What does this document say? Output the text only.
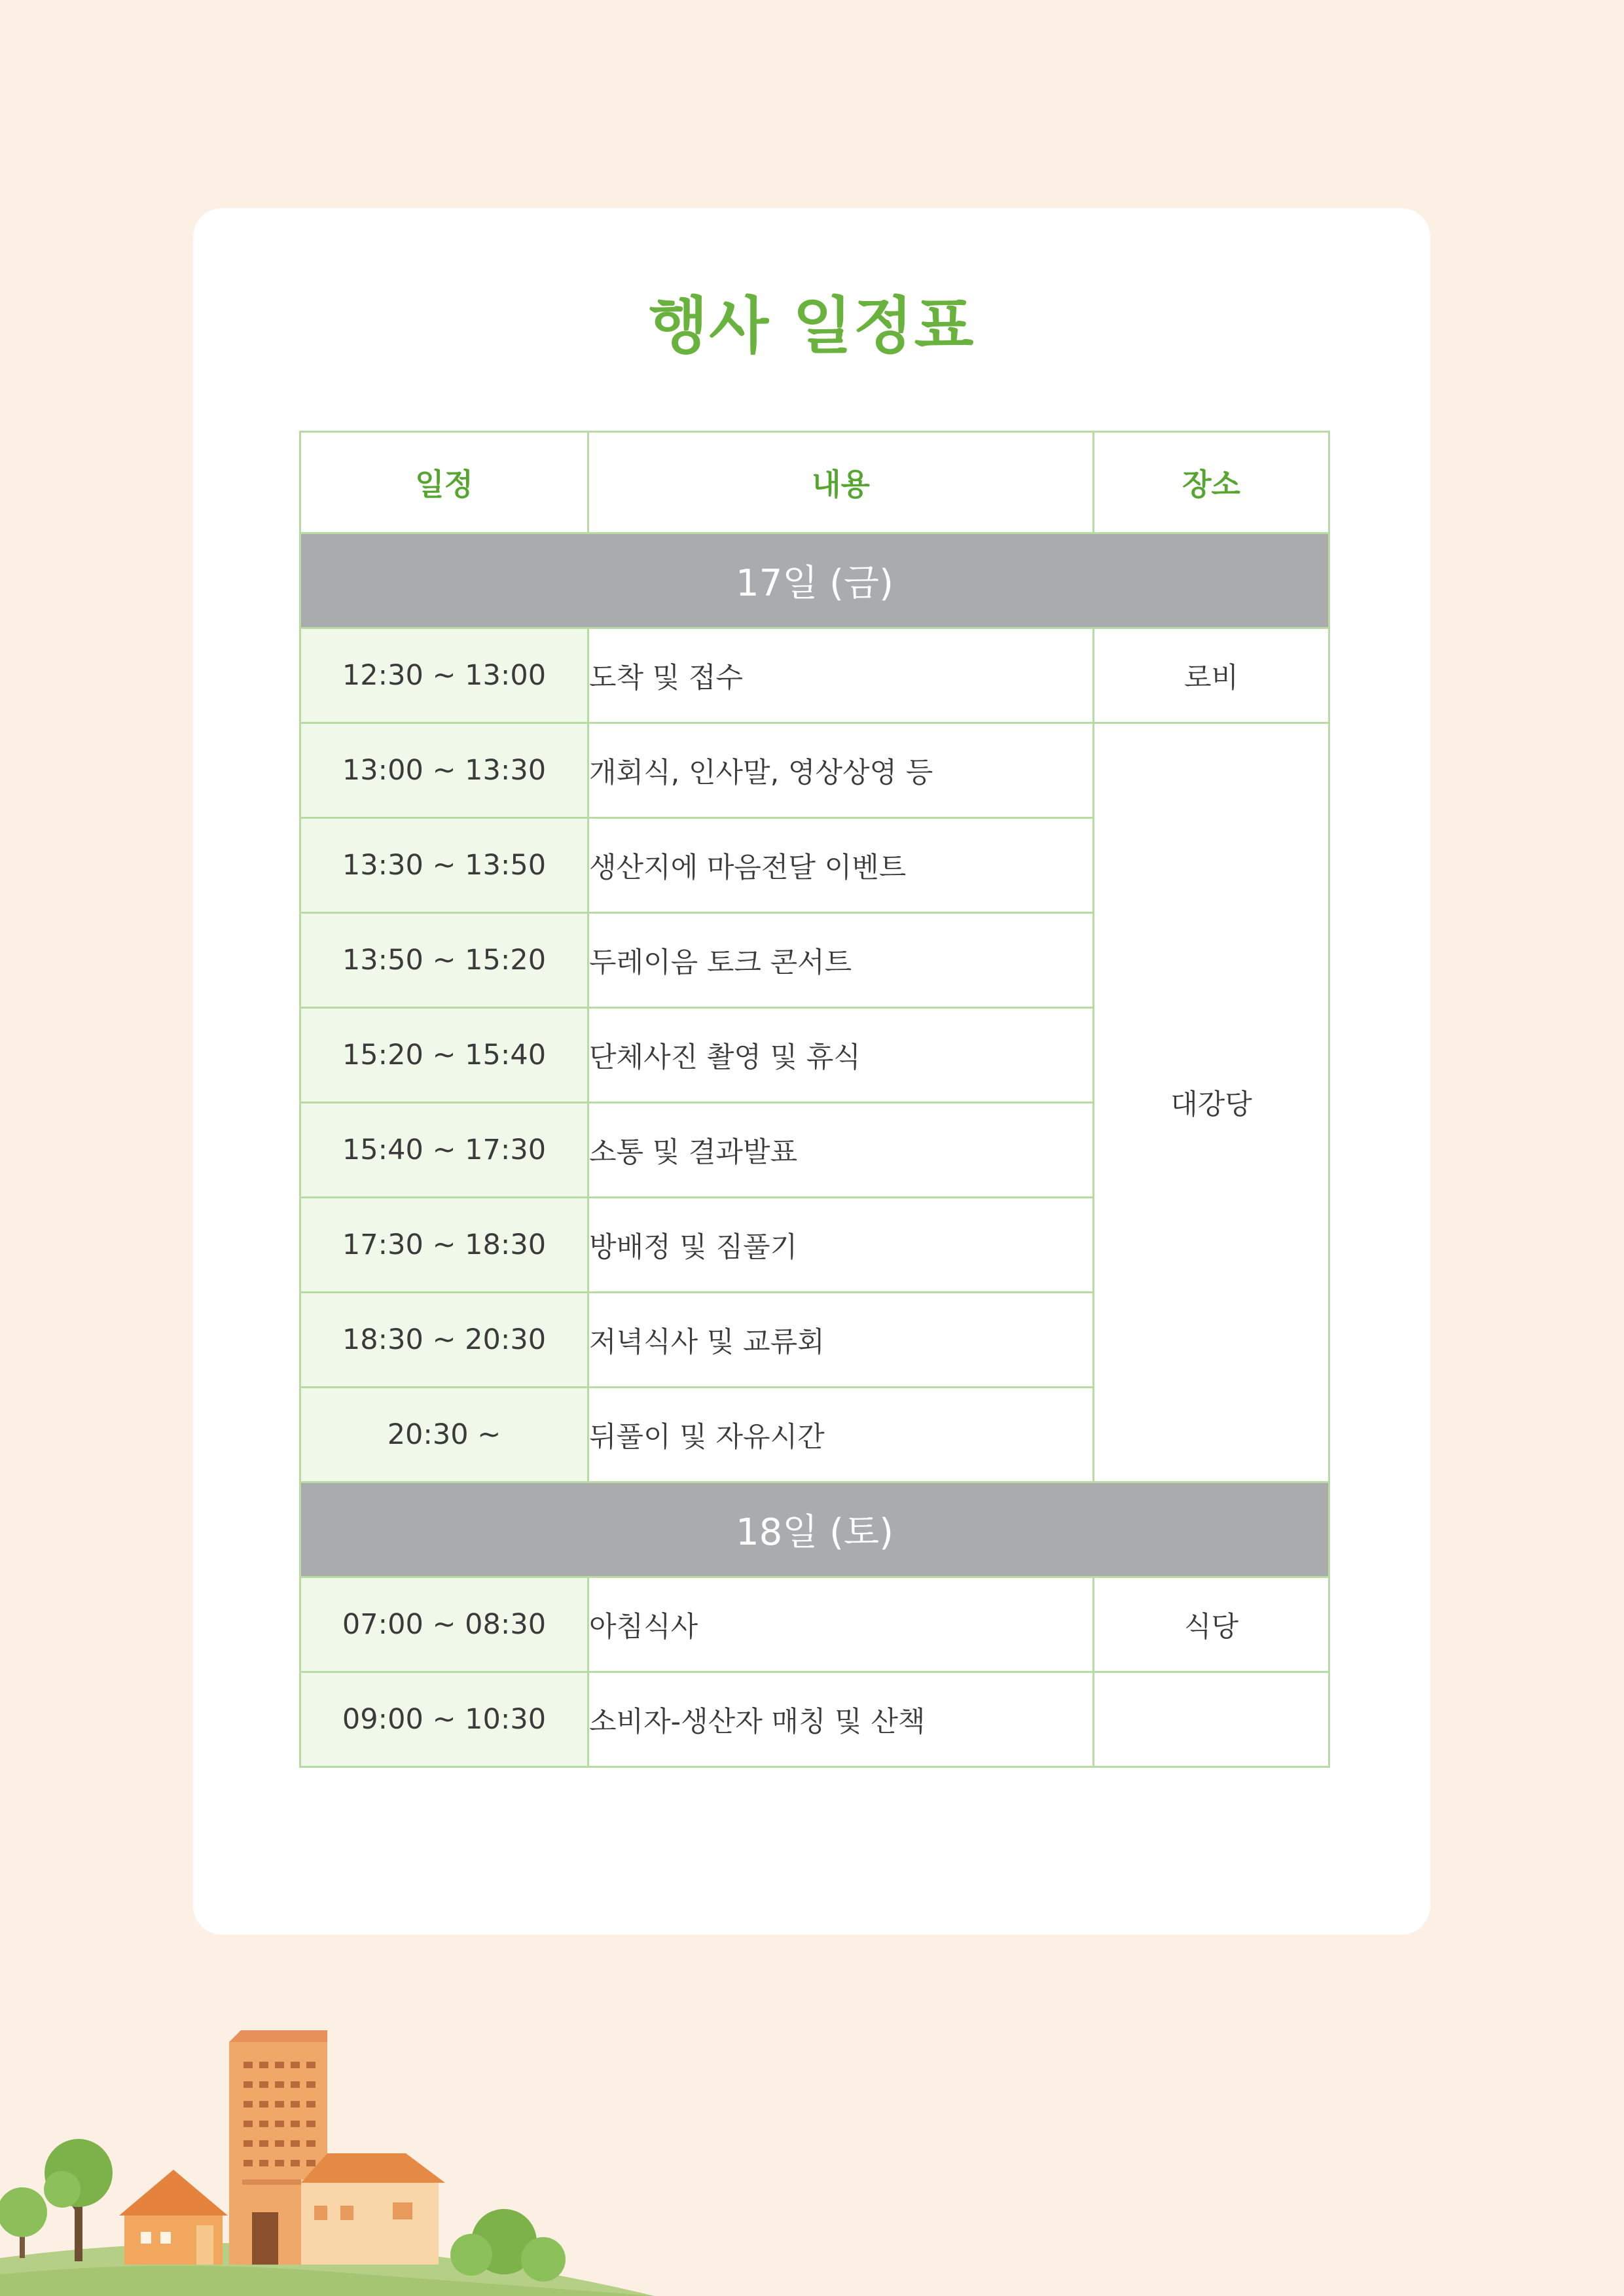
행사 일정표
일정	내용	장소
17일 (금)		
12:30 ~ 13:00	도착 및 접수	로비
13:00 ~ 13:30	개회식, 인사말, 영상상영 등	대강당
13:30 ~ 13:50	생산지에 마음전달 이벤트	
13:50 ~ 15:20	두레이음 토크 콘서트	
15:20 ~ 15:40	단체사진 촬영 및 휴식	
15:40 ~ 17:30	소통 및 결과발표	
17:30 ~ 18:30	방배정 및 짐풀기	
18:30 ~ 20:30	저녁식사 및 교류회	
20:30 ~	뒤풀이 및 자유시간	
18일 (토)		
07:00 ~ 08:30	아침식사	식당
09:00 ~ 10:30	소비자-생산자 매칭 및 산책	
